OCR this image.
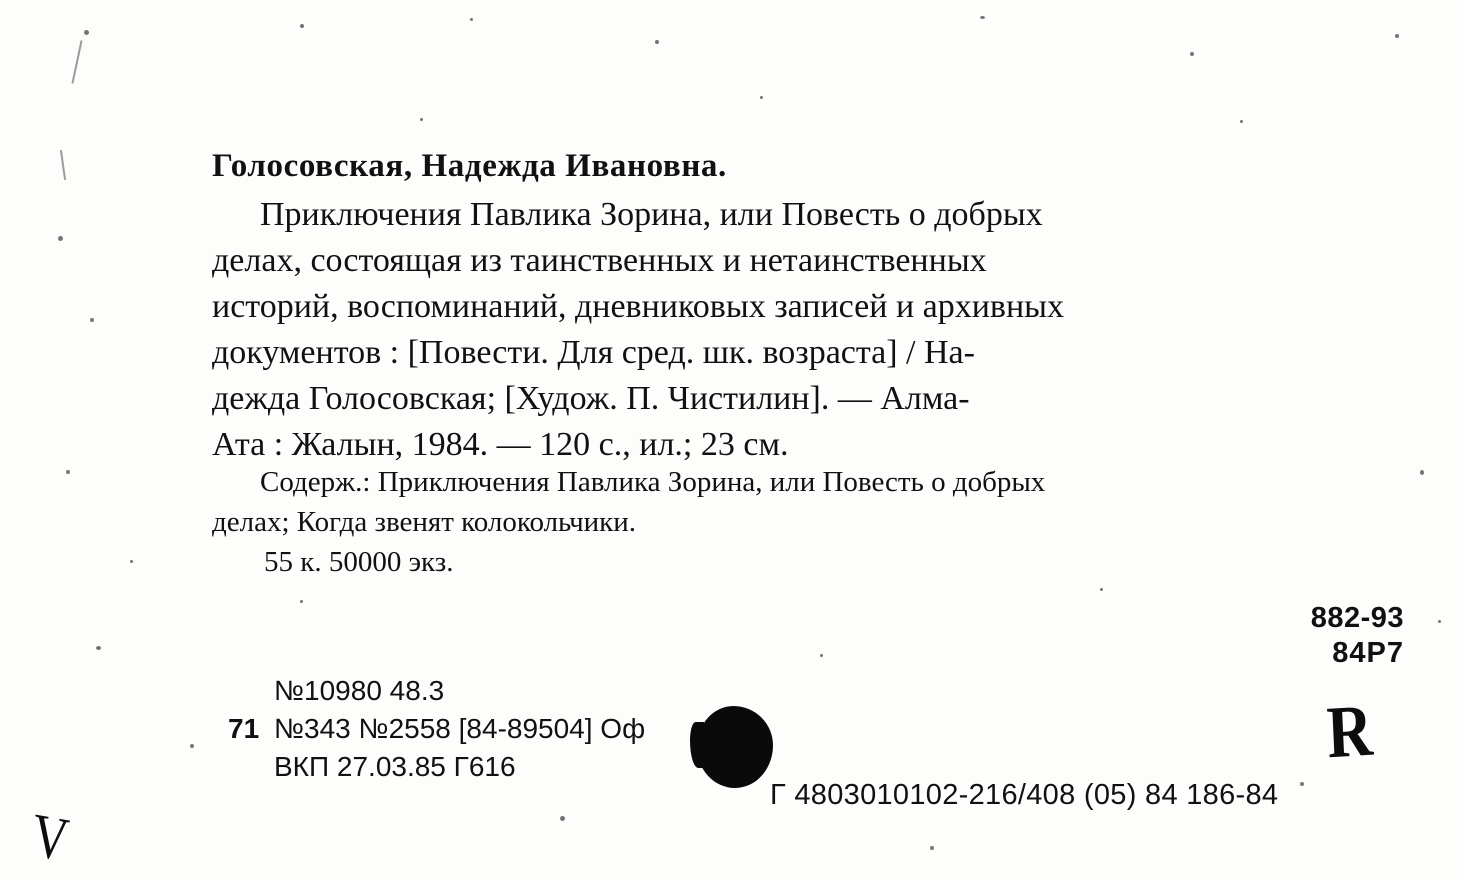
Голосовская, Надежда Ивановна.
Приключения Павлика Зорина, или Повесть о добрых
делах, состоящая из таинственных и нетаинственных
историй, воспоминаний, дневниковых записей и архивных
документов : [Повести. Для сред. шк. возраста] / На-
дежда Голосовская; [Худож. П. Чистилин]. — Алма-
Ата : Жалын, 1984. — 120 с., ил.; 23 см.
Содерж.: Приключения Павлика Зорина, или Повесть о добрых
делах; Когда звенят колокольчики.
55 к. 50000 экз.
882-93
84Р7
№10980 48.3
71 №343 №2558 [84-89504] Оф
ВКП 27.03.85 Г616
Г 4803010102-216/408 (05) 84 186-84
R
V
